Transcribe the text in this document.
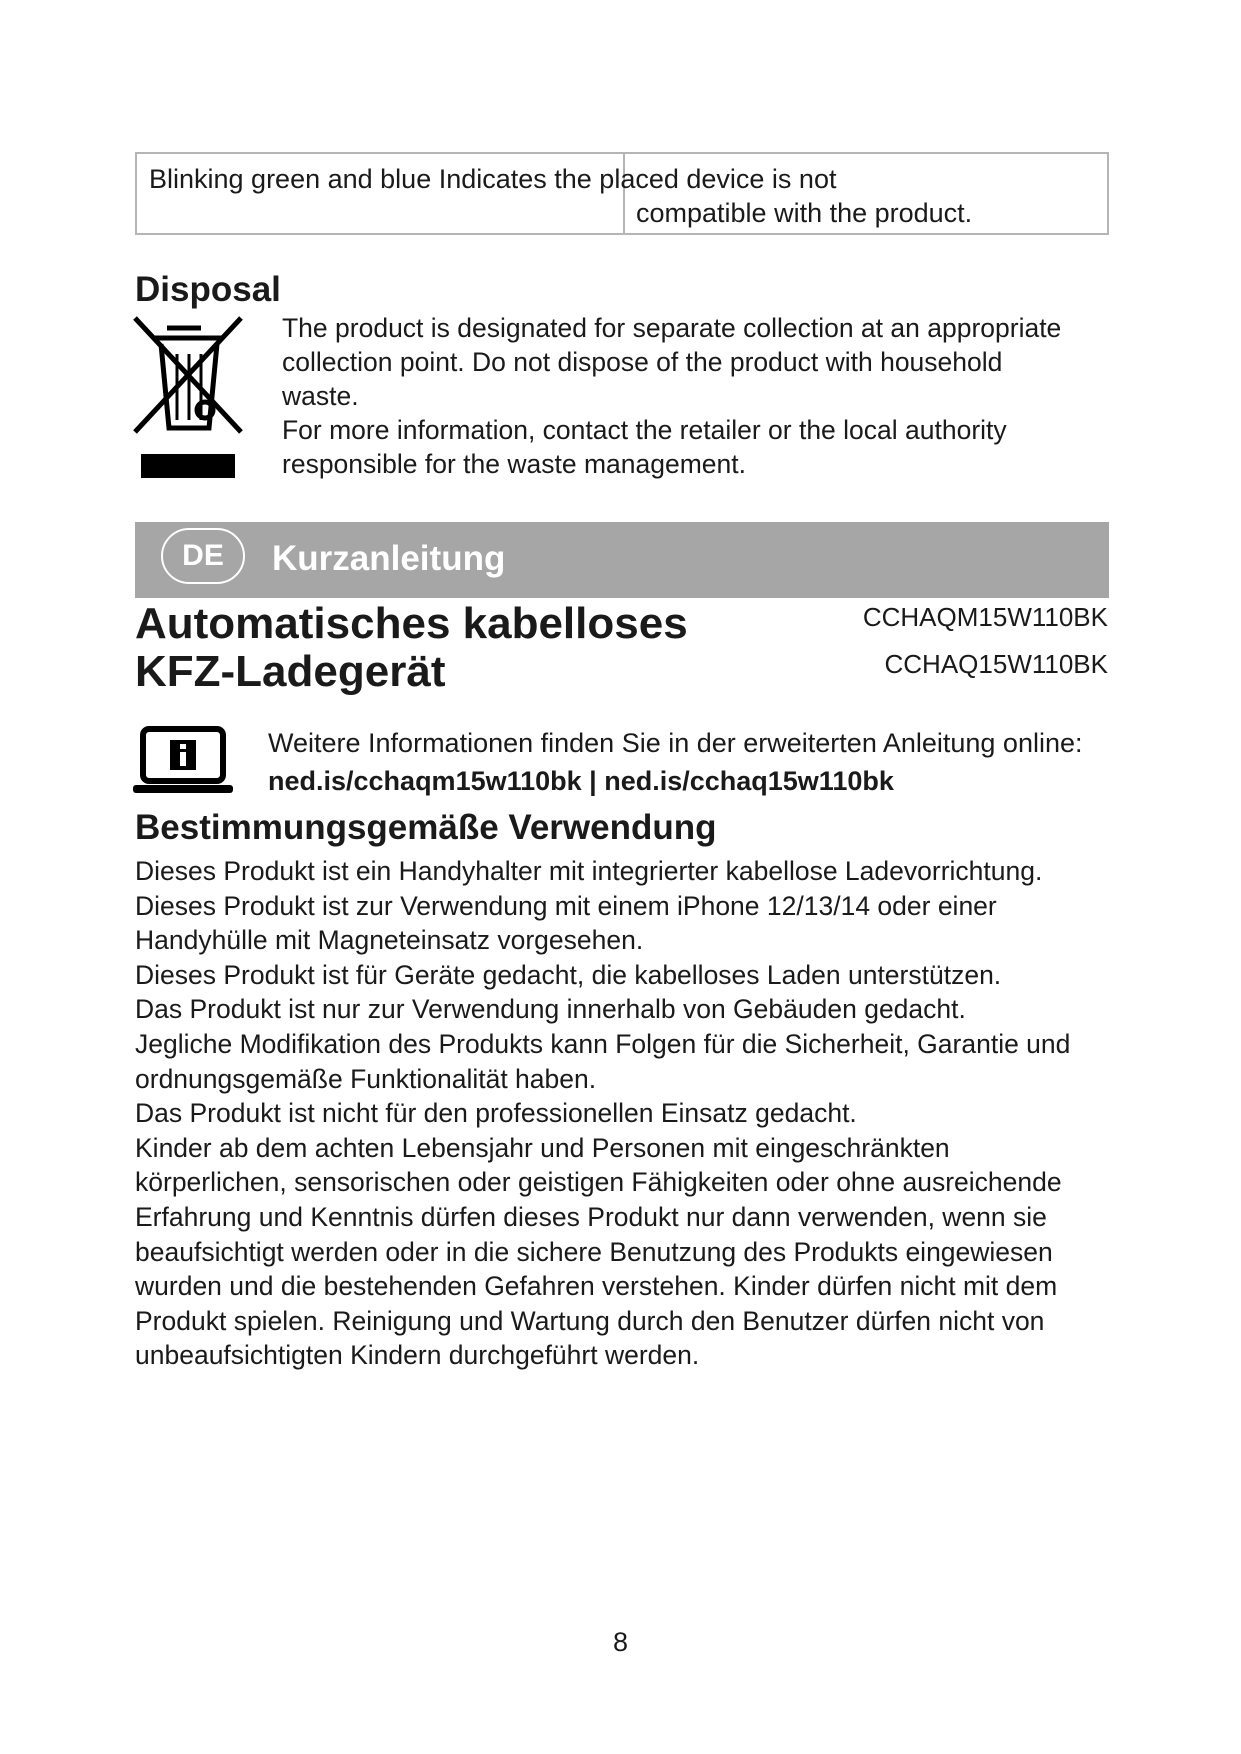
Blinking green and blue Indicates the placed device is not
compatible with the product.
Disposal

The product is designated for separate collection at an appropriate

collection point. Do not dispose of the product with household

waste.

For more information, contact the retailer or the local authority

responsible for the waste management.

DE	Kurzanleitung
Automatisches kabelloses
KFZ-Ladegerät
CCHAQM15W110BK
CCHAQ15W110BK

Weitere Informationen finden Sie in der erweiterten Anleitung online:

ned.is/cchaqm15w110bk | ned.is/cchaq15w110bk

Bestimmungsgemäße Verwendung

Dieses Produkt ist ein Handyhalter mit integrierter kabellose Ladevorrichtung.

Dieses Produkt ist zur Verwendung mit einem iPhone 12/13/14 oder einer

Handyhülle mit Magneteinsatz vorgesehen.

Dieses Produkt ist für Geräte gedacht, die kabelloses Laden unterstützen.

Das Produkt ist nur zur Verwendung innerhalb von Gebäuden gedacht.

Jegliche Modifikation des Produkts kann Folgen für die Sicherheit, Garantie und

ordnungsgemäße Funktionalität haben.

Das Produkt ist nicht für den professionellen Einsatz gedacht.

Kinder ab dem achten Lebensjahr und Personen mit eingeschränkten

körperlichen, sensorischen oder geistigen Fähigkeiten oder ohne ausreichende

Erfahrung und Kenntnis dürfen dieses Produkt nur dann verwenden, wenn sie

beaufsichtigt werden oder in die sichere Benutzung des Produkts eingewiesen

wurden und die bestehenden Gefahren verstehen. Kinder dürfen nicht mit dem

Produkt spielen. Reinigung und Wartung durch den Benutzer dürfen nicht von

unbeaufsichtigten Kindern durchgeführt werden.

8
